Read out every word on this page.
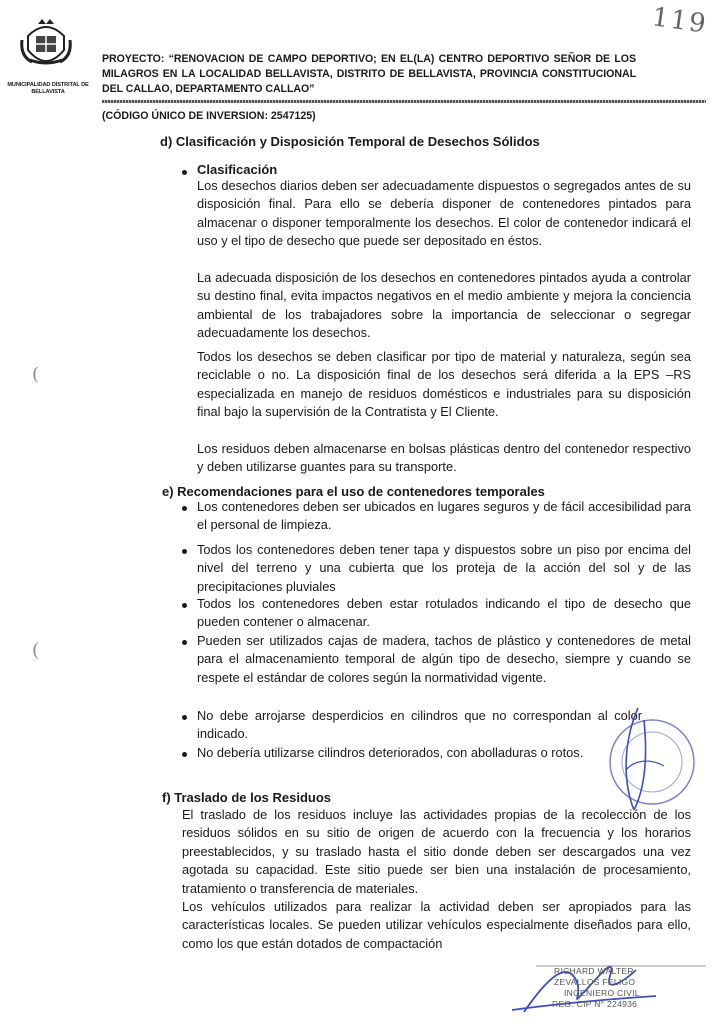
119
MUNICIPALIDAD DISTRITAL DE BELLAVISTA
PROYECTO: “RENOVACION DE CAMPO DEPORTIVO; EN EL(LA) CENTRO DEPORTIVO SEÑOR DE LOS MILAGROS EN LA LOCALIDAD BELLAVISTA, DISTRITO DE BELLAVISTA, PROVINCIA CONSTITUCIONAL DEL CALLAO, DEPARTAMENTO CALLAO”
(CÓDIGO ÚNICO DE INVERSION: 2547125)
d) Clasificación y Disposición Temporal de Desechos Sólidos
Clasificación
Los desechos diarios deben ser adecuadamente dispuestos o segregados antes de su disposición final. Para ello se debería disponer de contenedores pintados para almacenar o disponer temporalmente los desechos. El color de contenedor indicará el uso y el tipo de desecho que puede ser depositado en éstos.
La adecuada disposición de los desechos en contenedores pintados ayuda a controlar su destino final, evita impactos negativos en el medio ambiente y mejora la conciencia ambiental de los trabajadores sobre la importancia de seleccionar o segregar adecuadamente los desechos.
Todos los desechos se deben clasificar por tipo de material y naturaleza, según sea reciclable o no. La disposición final de los desechos será diferida a la EPS –RS especializada en manejo de residuos domésticos e industriales para su disposición final bajo la supervisión de la Contratista y El Cliente.
Los residuos deben almacenarse en bolsas plásticas dentro del contenedor respectivo y deben utilizarse guantes para su transporte.
e) Recomendaciones para el uso de contenedores temporales
Los contenedores deben ser ubicados en lugares seguros y de fácil accesibilidad para el personal de limpieza.
Todos los contenedores deben tener tapa y dispuestos sobre un piso por encima del nivel del terreno y una cubierta que los proteja de la acción del sol y de las precipitaciones pluviales
Todos los contenedores deben estar rotulados indicando el tipo de desecho que pueden contener o almacenar.
Pueden ser utilizados cajas de madera, tachos de plástico y contenedores de metal para el almacenamiento temporal de algún tipo de desecho, siempre y cuando se respete el estándar de colores según la normatividad vigente.
No debe arrojarse desperdicios en cilindros que no correspondan al color indicado.
No debería utilizarse cilindros deteriorados, con abolladuras o rotos.
f) Traslado de los Residuos
El traslado de los residuos incluye las actividades propias de la recolección de los residuos sólidos en su sitio de origen de acuerdo con la frecuencia y los horarios preestablecidos, y su traslado hasta el sitio donde deben ser descargados una vez agotada su capacidad. Este sitio puede ser bien una instalación de procesamiento, tratamiento o transferencia de materiales.
Los vehículos utilizados para realizar la actividad deben ser apropiados para las características locales. Se pueden utilizar vehículos especialmente diseñados para ello, como los que están dotados de compactación
(
(
RICHARD WALTER
ZEVALLOS FELIGO
INGENIERO CIVIL
REG. CIP N° 224936
